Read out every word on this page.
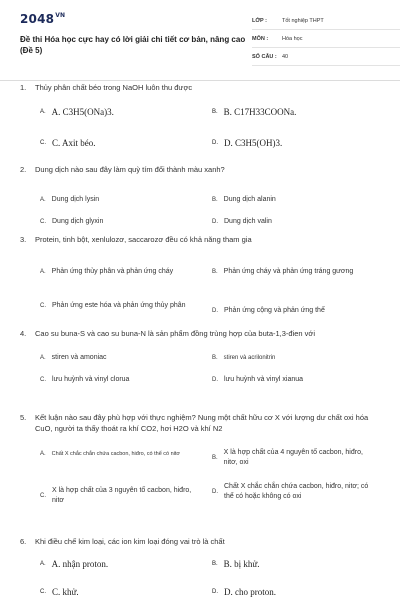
$2048^{VN}$
Đề thi Hóa học cực hay có lời giải chi tiết cơ bản, nâng cao (Đề 5)
LỚP :	Tốt nghiệp THPT
MÔN :	Hóa học
SỐ CÂU : 40
1.	Thủy phân chất béo trong NaOH luôn thu được
A. A. C3H5(ONa)3.	B. B. C17H33COONa.
C. C. Axit béo.	D. D. C3H5(OH)3.
2.	Dung dịch nào sau đây làm quỳ tím đổi thành màu xanh?
A. Dung dịch lysin	B. Dung dịch alanin
C. Dung dịch glyxin	D. Dung dịch valin
3.	Protein, tinh bột, xenlulozơ, saccarozơ đều có khả năng tham gia
A. Phản ứng thủy phân và phản ứng cháy	B. Phản ứng cháy và phản ứng tráng gương
C. Phản ứng este hóa và phản ứng thủy phân
D. Phản ứng cộng và phản ứng thế
4.	Cao su buna-S và cao su buna-N là sản phẩm đồng trùng hợp của buta-1,3-đien với
A. stiren và amoniac	B. stiren và acrilonitrin
C. lưu huỳnh và vinyl clorua	D. lưu huỳnh và vinyl xianua
5.	Kết luận nào sau đây phù hợp với thực nghiệm? Nung một chất hữu cơ X với lượng dư chất oxi hóa CuO, người ta thấy thoát ra khí CO2, hơi H2O và khí N2
A. Chất X chắc chắn chứa cacbon, hiđro, có thể có nitơ
B.
X là hợp chất của 4 nguyên tố cacbon, hiđro, nitơ, oxi
C.
X là hợp chất của 3 nguyên tố cacbon, hiđro, nitơ
D.
Chất X chắc chắn chứa cacbon, hiđro, nitơ; có thể có hoặc không có oxi
6.	Khi điều chế kim loại, các ion kim loại đóng vai trò là chất
A. A. nhận proton.	B. B. bị khử.
C. C. khử.	D. D. cho proton.
